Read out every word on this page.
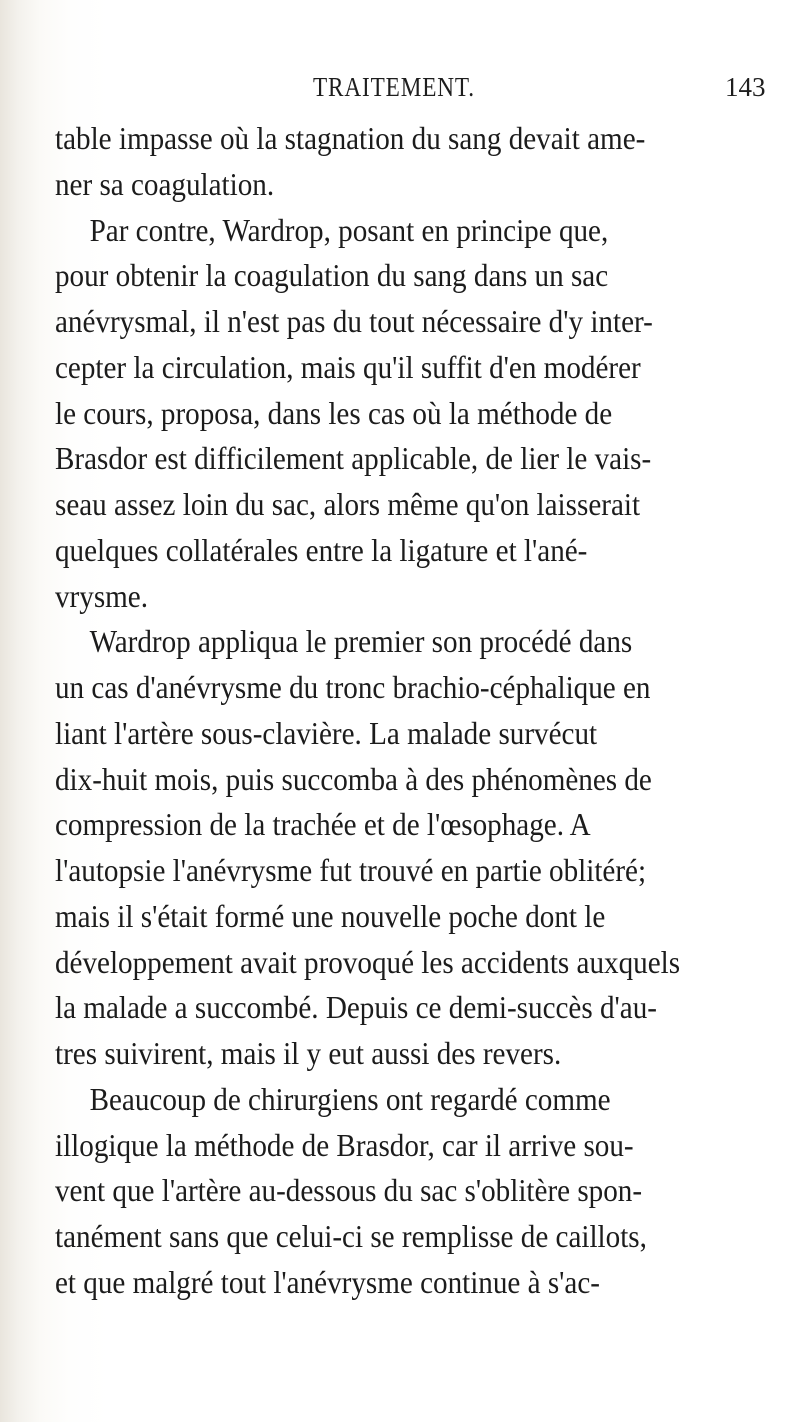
TRAITEMENT.	143
table impasse où la stagnation du sang devait ame-
ner sa coagulation.
Par contre, Wardrop, posant en principe que,
pour obtenir la coagulation du sang dans un sac
anévrysmal, il n'est pas du tout nécessaire d'y inter-
cepter la circulation, mais qu'il suffit d'en modérer
le cours, proposa, dans les cas où la méthode de
Brasdor est difficilement applicable, de lier le vais-
seau assez loin du sac, alors même qu'on laisserait
quelques collatérales entre la ligature et l'ané-
vrysme.
Wardrop appliqua le premier son procédé dans
un cas d'anévrysme du tronc brachio-céphalique en
liant l'artère sous-clavière. La malade survécut
dix-huit mois, puis succomba à des phénomènes de
compression de la trachée et de l'œsophage. A
l'autopsie l'anévrysme fut trouvé en partie oblitéré;
mais il s'était formé une nouvelle poche dont le
développement avait provoqué les accidents auxquels
la malade a succombé. Depuis ce demi-succès d'au-
tres suivirent, mais il y eut aussi des revers.
Beaucoup de chirurgiens ont regardé comme
illogique la méthode de Brasdor, car il arrive sou-
vent que l'artère au-dessous du sac s'oblitère spon-
tanément sans que celui-ci se remplisse de caillots,
et que malgré tout l'anévrysme continue à s'ac-
